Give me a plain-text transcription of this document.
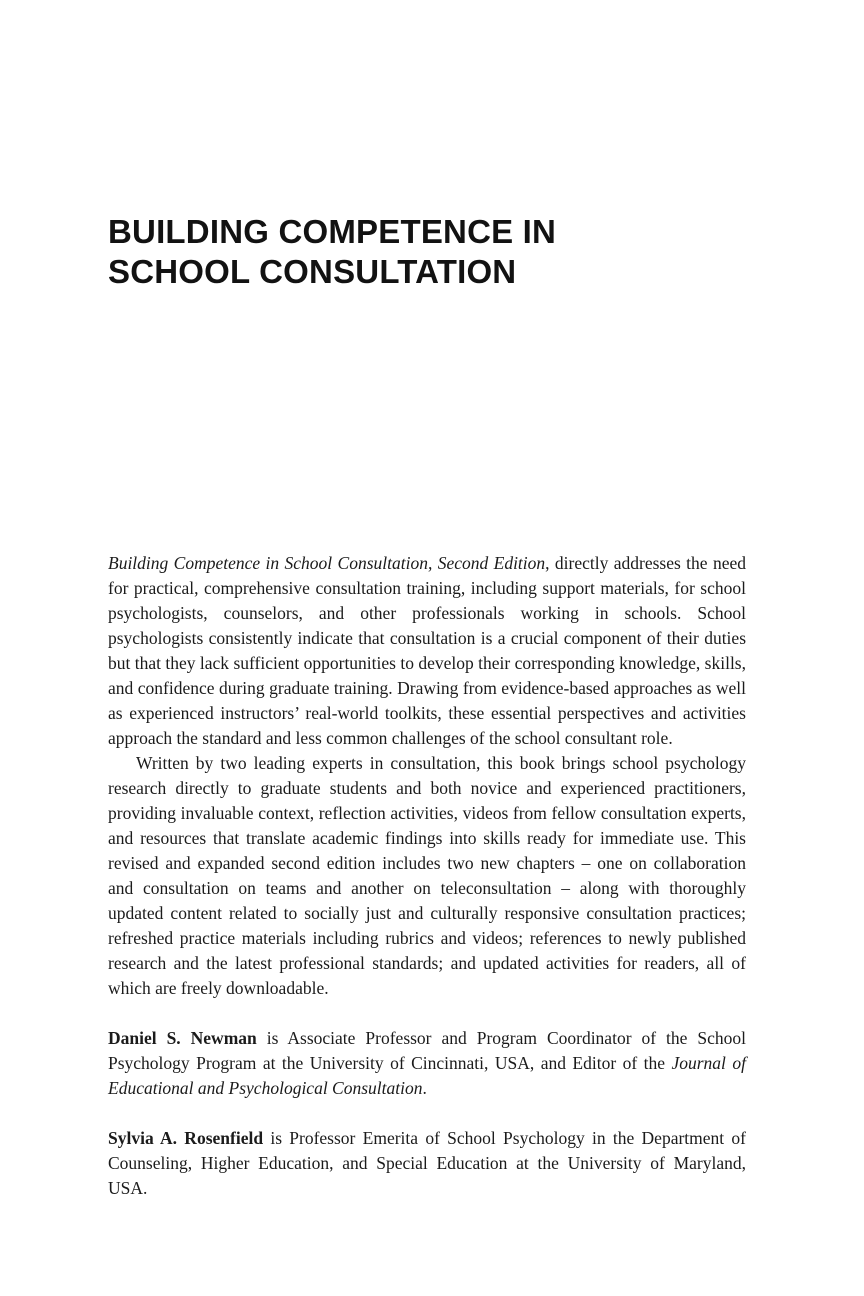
BUILDING COMPETENCE IN
SCHOOL CONSULTATION

Building Competence in School Consultation, Second Edition, directly addresses the need for practical, comprehensive consultation training, including support materials, for school psychologists, counselors, and other professionals working in schools. School psychologists consistently indicate that consultation is a crucial component of their duties but that they lack sufficient opportunities to develop their corresponding knowledge, skills, and confidence during graduate training. Drawing from evidence-based approaches as well as experienced instructors’ real-world toolkits, these essential perspectives and activities approach the standard and less common challenges of the school consultant role.

Written by two leading experts in consultation, this book brings school psychology research directly to graduate students and both novice and experienced practitioners, providing invaluable context, reflection activities, videos from fellow consultation experts, and resources that translate academic findings into skills ready for immediate use. This revised and expanded second edition includes two new chapters – one on collaboration and consultation on teams and another on teleconsultation – along with thoroughly updated content related to socially just and culturally responsive consultation practices; refreshed practice materials including rubrics and videos; references to newly published research and the latest professional standards; and updated activities for readers, all of which are freely downloadable.

Daniel S. Newman is Associate Professor and Program Coordinator of the School Psychology Program at the University of Cincinnati, USA, and Editor of the Journal of Educational and Psychological Consultation.

Sylvia A. Rosenfield is Professor Emerita of School Psychology in the Department of Counseling, Higher Education, and Special Education at the University of Maryland, USA.
